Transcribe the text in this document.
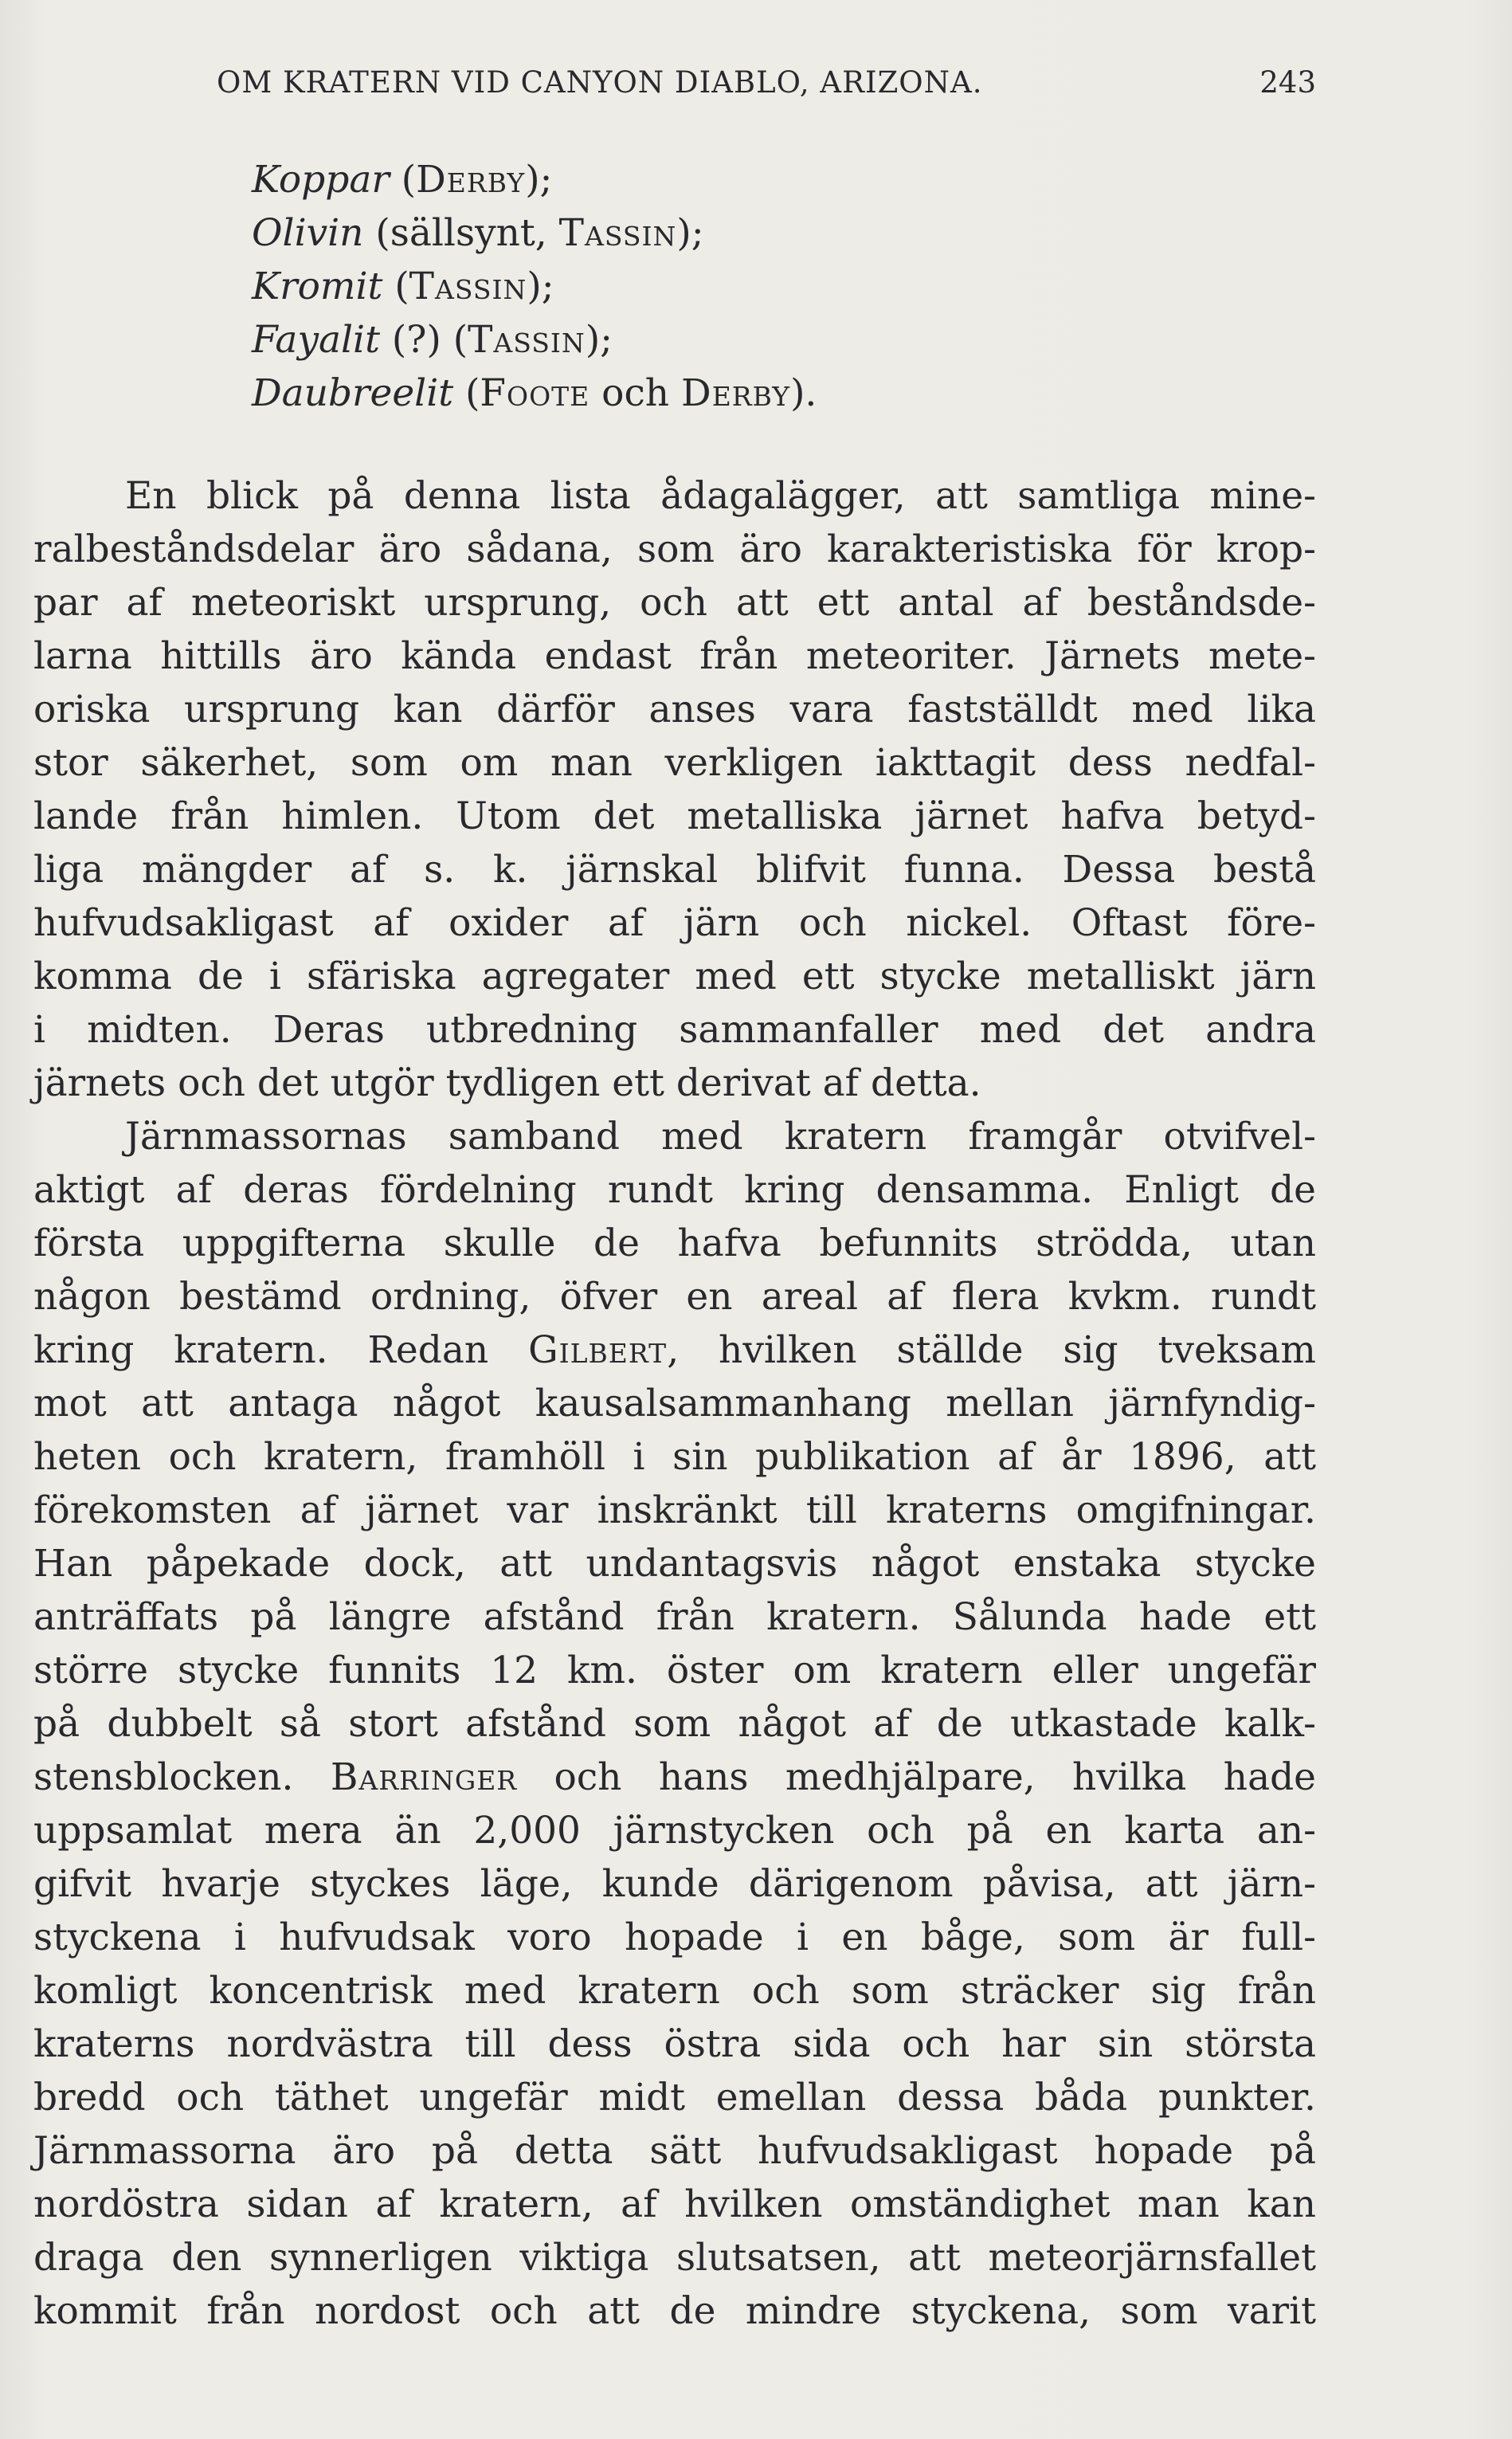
OM KRATERN VID CANYON DIABLO, ARIZONA.	243
Koppar (Derby);
Olivin (sällsynt, Tassin);
Kromit (Tassin);
Fayalit (?) (Tassin);
Daubreelit (Foote och Derby).
En blick på denna lista ådagalägger, att samtliga mine-
ralbeståndsdelar äro sådana, som äro karakteristiska för krop-
par af meteoriskt ursprung, och att ett antal af beståndsde-
larna hittills äro kända endast från meteoriter. Järnets mete-
oriska ursprung kan därför anses vara fastställdt med lika
stor säkerhet, som om man verkligen iakttagit dess nedfal-
lande från himlen. Utom det metalliska järnet hafva betyd-
liga mängder af s. k. järnskal blifvit funna. Dessa bestå
hufvudsakligast af oxider af järn och nickel. Oftast före-
komma de i sfäriska agregater med ett stycke metalliskt järn
i midten. Deras utbredning sammanfaller med det andra
järnets och det utgör tydligen ett derivat af detta.
Järnmassornas samband med kratern framgår otvifvel-
aktigt af deras fördelning rundt kring densamma. Enligt de
första uppgifterna skulle de hafva befunnits strödda, utan
någon bestämd ordning, öfver en areal af flera kvkm. rundt
kring kratern. Redan Gilbert, hvilken ställde sig tveksam
mot att antaga något kausalsammanhang mellan järnfyndig-
heten och kratern, framhöll i sin publikation af år 1896, att
förekomsten af järnet var inskränkt till kraterns omgifningar.
Han påpekade dock, att undantagsvis något enstaka stycke
anträffats på längre afstånd från kratern. Sålunda hade ett
större stycke funnits 12 km. öster om kratern eller ungefär
på dubbelt så stort afstånd som något af de utkastade kalk-
stensblocken. Barringer och hans medhjälpare, hvilka hade
uppsamlat mera än 2,000 järnstycken och på en karta an-
gifvit hvarje styckes läge, kunde därigenom påvisa, att järn-
styckena i hufvudsak voro hopade i en båge, som är full-
komligt koncentrisk med kratern och som sträcker sig från
kraterns nordvästra till dess östra sida och har sin största
bredd och täthet ungefär midt emellan dessa båda punkter.
Järnmassorna äro på detta sätt hufvudsakligast hopade på
nordöstra sidan af kratern, af hvilken omständighet man kan
draga den synnerligen viktiga slutsatsen, att meteorjärnsfallet
kommit från nordost och att de mindre styckena, som varit
